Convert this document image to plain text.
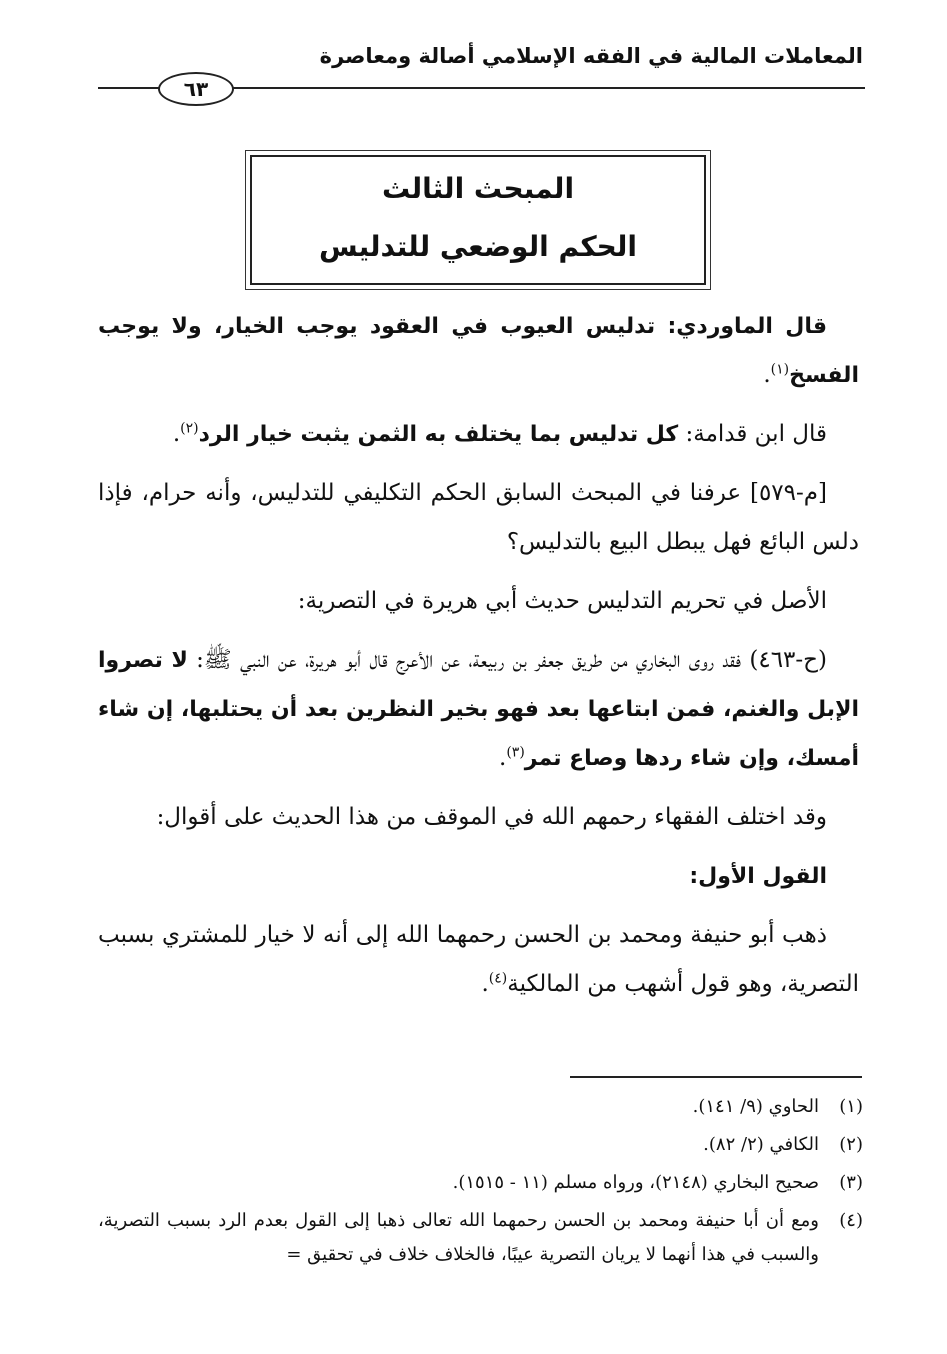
المعاملات المالية في الفقه الإسلامي أصالة ومعاصرة
٦٣
المبحث الثالث
الحكم الوضعي للتدليس

قال الماوردي: تدليس العيوب في العقود يوجب الخيار، ولا يوجب الفسخ$^{(١)}$.

قال ابن قدامة: كل تدليس بما يختلف به الثمن يثبت خيار الرد$^{(٢)}$.

[م-٥٧٩] عرفنا في المبحث السابق الحكم التكليفي للتدليس، وأنه حرام، فإذا دلس البائع فهل يبطل البيع بالتدليس؟

الأصل في تحريم التدليس حديث أبي هريرة في التصرية:

(ح-٤٦٣) فقد روى البخاري من طريق جعفر بن ربيعة، عن الأعرج قال أبو هريرة، عن النبي ﷺ: لا تصروا الإبل والغنم، فمن ابتاعها بعد فهو بخير النظرين بعد أن يحتلبها، إن شاء أمسك، وإن شاء ردها وصاع تمر$^{(٣)}$.

وقد اختلف الفقهاء رحمهم الله في الموقف من هذا الحديث على أقوال:

القول الأول:

ذهب أبو حنيفة ومحمد بن الحسن رحمهما الله إلى أنه لا خيار للمشتري بسبب التصرية، وهو قول أشهب من المالكية$^{(٤)}$.

(١)الحاوي (٩/ ١٤١).

(٢)الكافي (٢/ ٨٢).

(٣)صحيح البخاري (٢١٤٨)، ورواه مسلم (١١ - ١٥١٥).

(٤)ومع أن أبا حنيفة ومحمد بن الحسن رحمهما الله تعالى ذهبا إلى القول بعدم الرد بسبب التصرية، والسبب في هذا أنهما لا يريان التصرية عيبًا، فالخلاف خلاف في تحقيق =
